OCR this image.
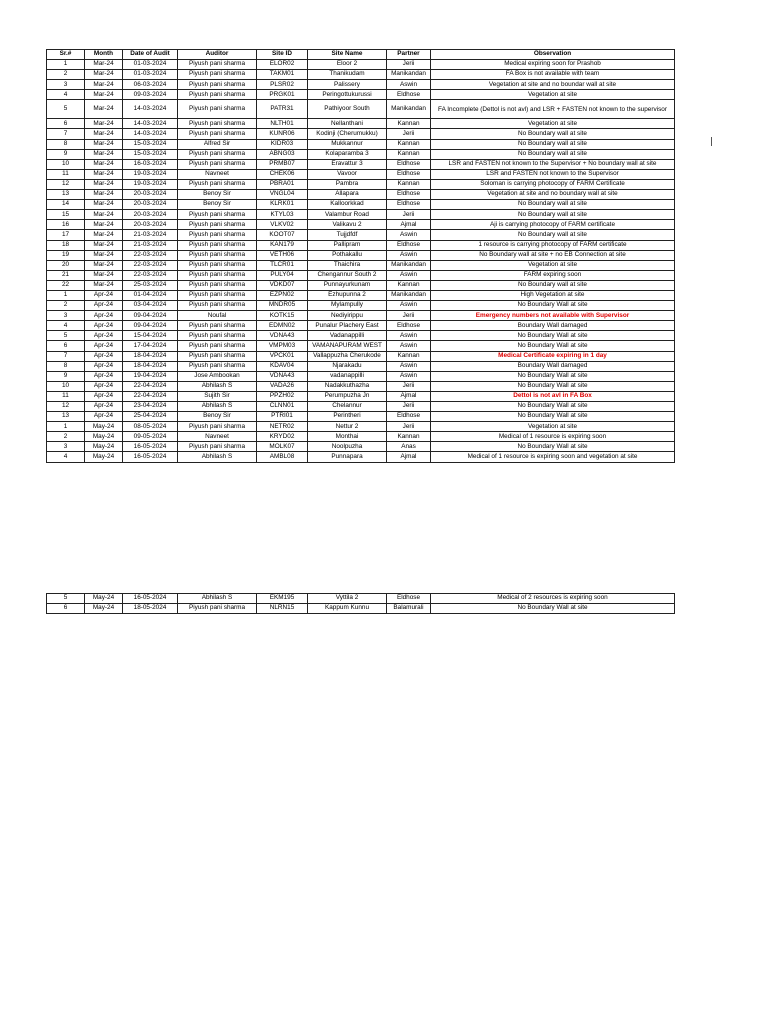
Sr.#	Month	Date of Audit	Auditor	Site ID	Site Name	Partner	Observation
1	Mar-24	01-03-2024	Piyush pani sharma	ELOR02	Eloor 2	Jerii	Medical expiring soon for Prashob
2	Mar-24	01-03-2024	Piyush pani sharma	TAKM01	Thanikudam	Manikandan	FA Box is not available with team
3	Mar-24	06-03-2024	Piyush pani sharma	PLSR02	Palissery	Aswin	Vegetation at site and no boundar wall at site
4	Mar-24	09-03-2024	Piyush pani sharma	PRGK01	Peringottukurussi	Eldhose	Vegetation at site
5	Mar-24	14-03-2024	Piyush pani sharma	PATR31	Pathiyoor South	Manikandan	FA Incomplete (Dettol is not avl) and LSR + FASTEN not known to the supervisor
6	Mar-24	14-03-2024	Piyush pani sharma	NLTH01	Nellanthani	Kannan	Vegetation at site
7	Mar-24	14-03-2024	Piyush pani sharma	KUNR06	Kodinji (Cherumukku)	Jerii	No Boundary wall at site
8	Mar-24	15-03-2024	Alfred Sir	KIDR03	Mukkannur	Kannan	No Boundary wall at site
9	Mar-24	15-03-2024	Piyush pani sharma	ABNG03	Kolaparamba 3	Kannan	No Boundary wall at site
10	Mar-24	16-03-2024	Piyush pani sharma	PRMB07	Eravattur 3	Eldhose	LSR and FASTEN not known to the Supervisor + No boundary wall at site
11	Mar-24	19-03-2024	Navneet	CHEK06	Vavoor	Eldhose	LSR and FASTEN not known to the Supervisor
12	Mar-24	19-03-2024	Piyush pani sharma	PBRA01	Pambra	Kannan	Soloman is carrying photocopy of FARM Certificate
13	Mar-24	20-03-2024	Benoy Sir	VNGL04	Allapara	Eldhose	Vegetation at site and no boundary wall at site
14	Mar-24	20-03-2024	Benoy Sir	KLRK01	Kalloorkkad	Eldhose	No Boundary wall at site
15	Mar-24	20-03-2024	Piyush pani sharma	KTYL03	Valambur Road	Jerii	No Boundary wall at site
16	Mar-24	20-03-2024	Piyush pani sharma	VLKV02	Valikavu 2	Ajmal	Aji is carrying photocopy of FARM certificate
17	Mar-24	21-03-2024	Piyush pani sharma	KOOT07	Tujjdfdf	Aswin	No Boundary wall at site
18	Mar-24	21-03-2024	Piyush pani sharma	KAN179	Pallipram	Eldhose	1 resource is carrying photocopy of FARM certificate
19	Mar-24	22-03-2024	Piyush pani sharma	VETH06	Pothakallu	Aswin	No Boundary wall at site + no EB Connection at site
20	Mar-24	22-03-2024	Piyush pani sharma	TLCR01	Thaichira	Manikandan	Vegetation at site
21	Mar-24	22-03-2024	Piyush pani sharma	PULY04	Chengannur South 2	Aswin	FARM expiring soon
22	Mar-24	25-03-2024	Piyush pani sharma	VDKD07	Punnayurkunam	Kannan	No Boundary wall at site
1	Apr-24	01-04-2024	Piyush pani sharma	EZPN02	Ezhupunna 2	Manikandan	High Vegetation at site
2	Apr-24	03-04-2024	Piyush pani sharma	MNDR05	Mylampully	Aswin	No Boundary Wall at site
3	Apr-24	09-04-2024	Noufal	KOTK15	Nediyirippu	Jerii	Emergency numbers not available with Supervisor
4	Apr-24	09-04-2024	Piyush pani sharma	EDMN02	Punalur Plachery East	Eldhose	Boundary Wall damaged
5	Apr-24	15-04-2024	Piyush pani sharma	VDNA43	Vadanappilli	Aswin	No Boundary Wall at site
6	Apr-24	17-04-2024	Piyush pani sharma	VMPM03	VAMANAPURAM WEST	Aswin	No Boundary Wall at site
7	Apr-24	18-04-2024	Piyush pani sharma	VPCK01	Vallappuzha Cherukode	Kannan	Medical Certificate expiring in 1 day
8	Apr-24	18-04-2024	Piyush pani sharma	KDAV04	Njarakadu	Aswin	Boundary Wall damaged
9	Apr-24	19-04-2024	Jose Ambookan	VDNA43	vadanappilli	Aswin	No Boundary Wall at site
10	Apr-24	22-04-2024	Abhilash S	VADA26	Nadakkuthazha	Jerii	No Boundary Wall at site
11	Apr-24	22-04-2024	Sujith Sir	PPZH02	Perumpuzha Jn	Ajmal	Dettol is not avl in FA Box
12	Apr-24	23-04-2024	Abhilash S	CLNN01	Chelannur	Jerii	No Boundary Wall at site
13	Apr-24	25-04-2024	Benoy Sir	PTRI01	Perintheri	Eldhose	No Boundary Wall at site
1	May-24	08-05-2024	Piyush pani sharma	NETR02	Nettur 2	Jerii	Vegetation at site
2	May-24	09-05-2024	Navneet	KRYD02	Monthai	Kannan	Medical of 1 resource is expiring soon
3	May-24	16-05-2024	Piyush pani sharma	MOLK07	Noolpuzha	Anas	No Boundary Wall at site
4	May-24	16-05-2024	Abhilash S	AMBL08	Punnapara	Ajmal	Medical of 1 resource is expiring soon and vegetation at site
5	May-24	16-05-2024	Abhilash S	EKM195	Vyttila 2	Eldhose	Medical of 2 resources is expiring soon
6	May-24	18-05-2024	Piyush pani sharma	NLRN15	Kappum Kunnu	Balamurali	No Boundary Wall at site
